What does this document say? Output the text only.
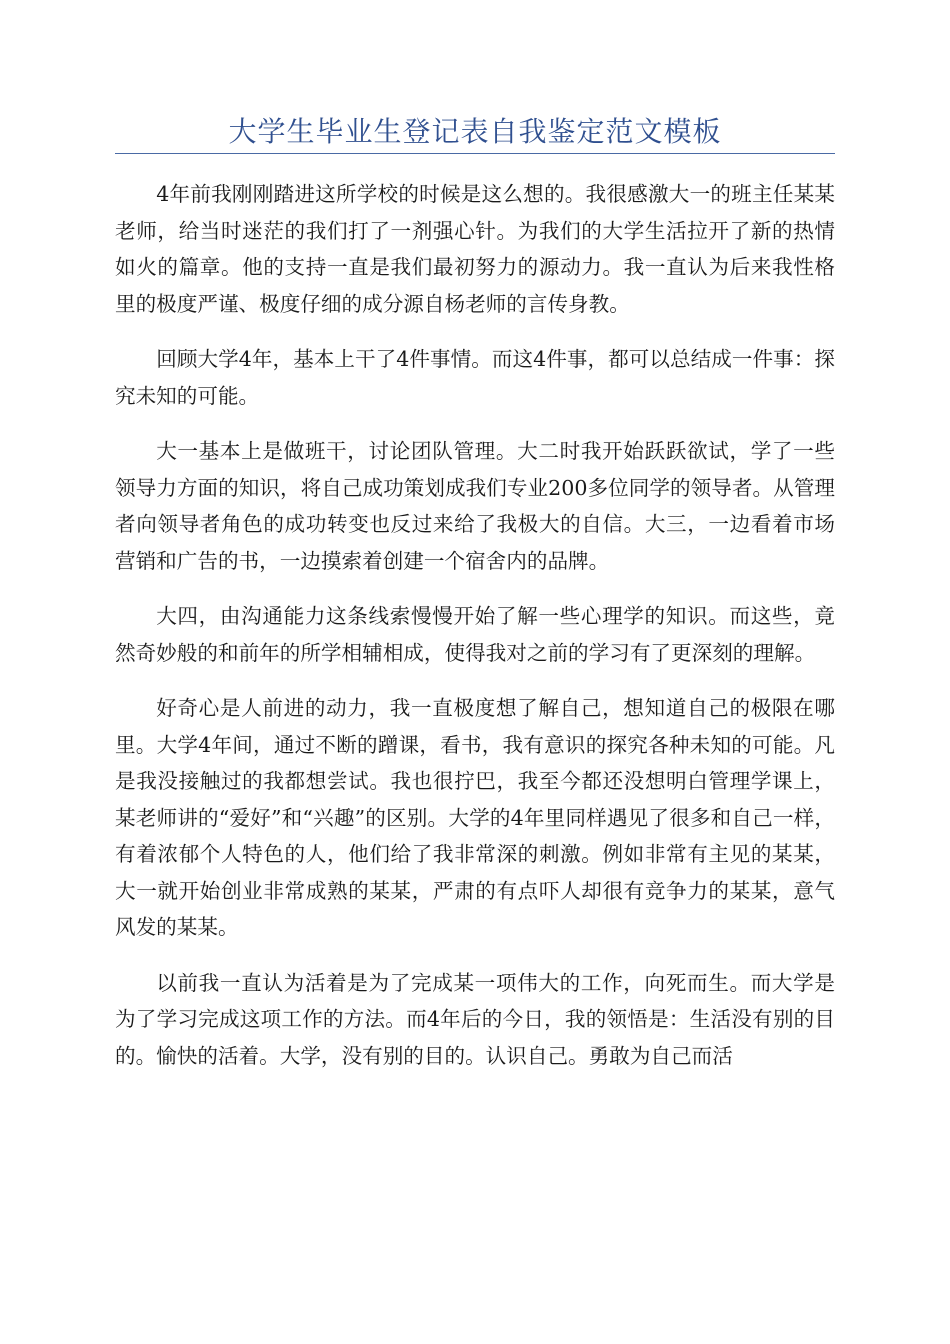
大学生毕业生登记表自我鉴定范文模板

4年前我刚刚踏进这所学校的时候是这么想的。我很感激大一的班主任某某老师，给当时迷茫的我们打了一剂强心针。为我们的大学生活拉开了新的热情如火的篇章。他的支持一直是我们最初努力的源动力。我一直认为后来我性格里的极度严谨、极度仔细的成分源自杨老师的言传身教。

回顾大学4年，基本上干了4件事情。而这4件事，都可以总结成一件事：探究未知的可能。

大一基本上是做班干，讨论团队管理。大二时我开始跃跃欲试，学了一些领导力方面的知识，将自己成功策划成我们专业200多位同学的领导者。从管理者向领导者角色的成功转变也反过来给了我极大的自信。大三，一边看着市场营销和广告的书，一边摸索着创建一个宿舍内的品牌。

大四，由沟通能力这条线索慢慢开始了解一些心理学的知识。而这些，竟然奇妙般的和前年的所学相辅相成，使得我对之前的学习有了更深刻的理解。

好奇心是人前进的动力，我一直极度想了解自己，想知道自己的极限在哪里。大学4年间，通过不断的蹭课，看书，我有意识的探究各种未知的可能。凡是我没接触过的我都想尝试。我也很拧巴，我至今都还没想明白管理学课上，某老师讲的“爱好”和“兴趣”的区别。大学的4年里同样遇见了很多和自己一样，有着浓郁个人特色的人，他们给了我非常深的刺激。例如非常有主见的某某，大一就开始创业非常成熟的某某，严肃的有点吓人却很有竞争力的某某，意气风发的某某。

以前我一直认为活着是为了完成某一项伟大的工作，向死而生。而大学是为了学习完成这项工作的方法。而4年后的今日，我的领悟是：生活没有别的目的。愉快的活着。大学，没有别的目的。认识自己。勇敢为自己而活
